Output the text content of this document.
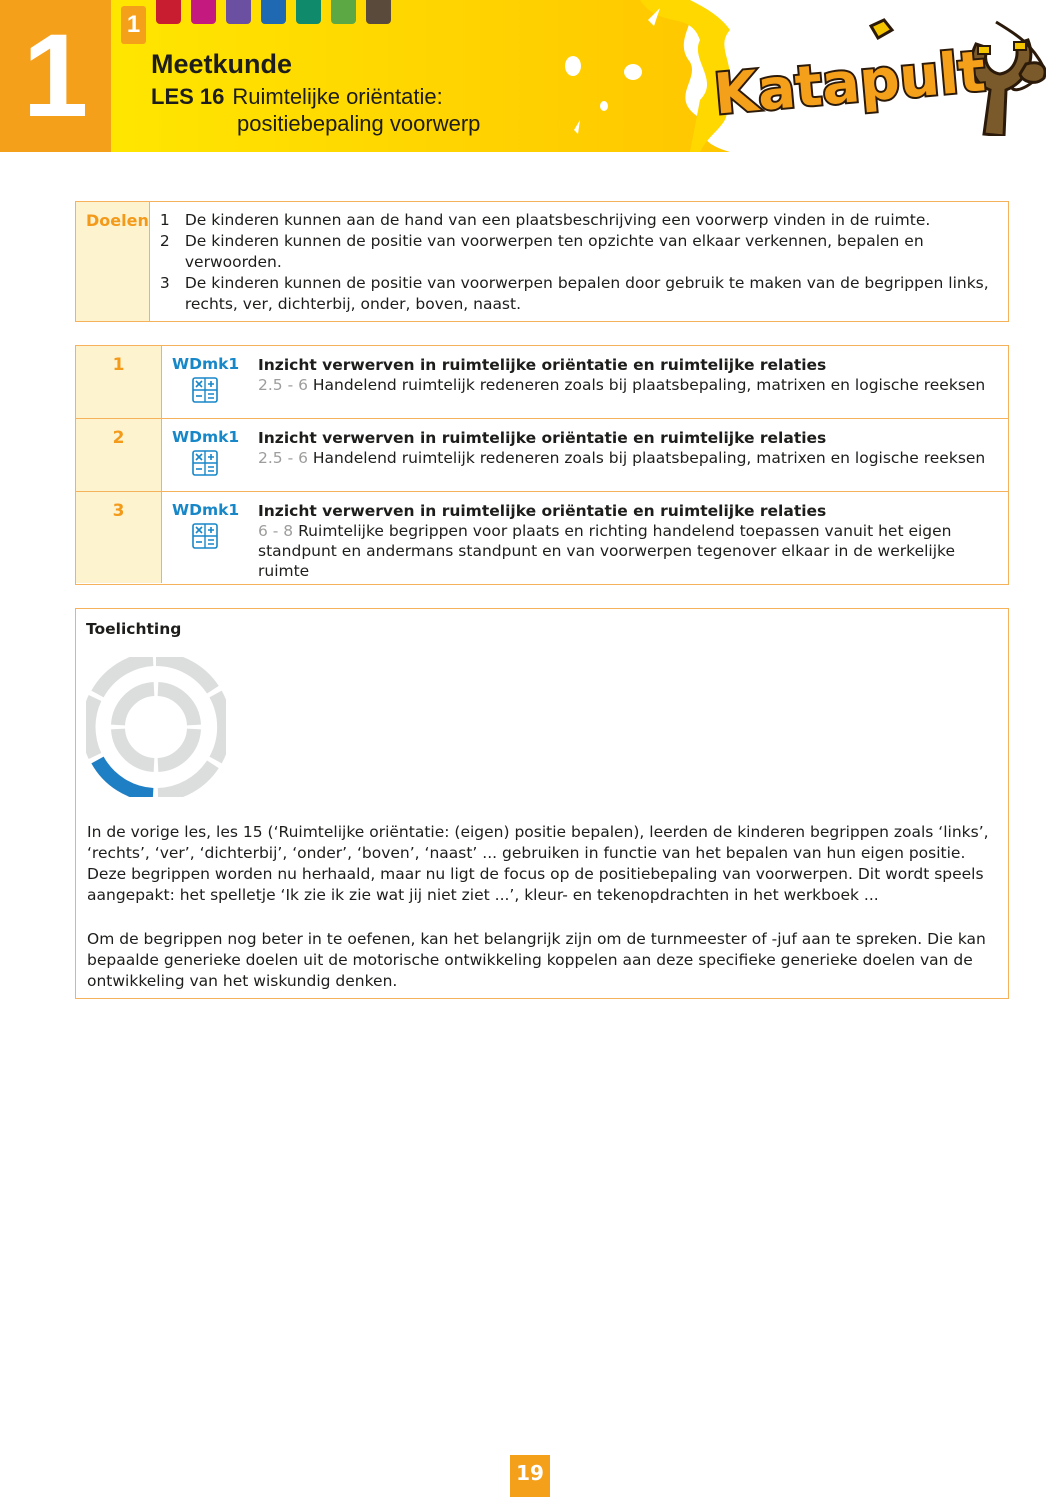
1	1
Meetkunde
LES 16 Ruimtelijke oriëntatie:
positiebepaling voorwerp	Katapult
Doelen 1 De kinderen kunnen aan de hand van een plaatsbeschrijving een voorwerp vinden in de ruimte.
2 De kinderen kunnen de positie van voorwerpen ten opzichte van elkaar verkennen, bepalen en verwoorden.
3 De kinderen kunnen de positie van voorwerpen bepalen door gebruik te maken van de begrippen links, rechts, ver, dichterbij, onder, boven, naast.
1	WDmk1	Inzicht verwerven in ruimtelijke oriëntatie en ruimtelijke relaties
2.5 - 6 Handelend ruimtelijk redeneren zoals bij plaatsbepaling, matrixen en logische reeksen
2	WDmk1	Inzicht verwerven in ruimtelijke oriëntatie en ruimtelijke relaties
2.5 - 6 Handelend ruimtelijk redeneren zoals bij plaatsbepaling, matrixen en logische reeksen
3	WDmk1	Inzicht verwerven in ruimtelijke oriëntatie en ruimtelijke relaties
6 - 8 Ruimtelijke begrippen voor plaats en richting handelend toepassen vanuit het eigen standpunt en andermans standpunt en van voorwerpen tegenover elkaar in de werkelijke ruimte

Toelichting

In de vorige les, les 15 (‘Ruimtelijke oriëntatie: (eigen) positie bepalen), leerden de kinderen begrippen zoals ‘links’, ‘rechts’, ‘ver’, ‘dichterbij’, ‘onder’, ‘boven’, ‘naast’ ... gebruiken in functie van het bepalen van hun eigen positie. Deze begrippen worden nu herhaald, maar nu ligt de focus op de positiebepaling van voorwerpen. Dit wordt speels aangepakt: het spelletje ‘Ik zie ik zie wat jij niet ziet ...’, kleur- en tekenopdrachten in het werkboek ...

Om de begrippen nog beter in te oefenen, kan het belangrijk zijn om de turnmeester of -juf aan te spreken. Die kan bepaalde generieke doelen uit de motorische ontwikkeling koppelen aan deze specifieke generieke doelen van de ontwikkeling van het wiskundig denken.

19
